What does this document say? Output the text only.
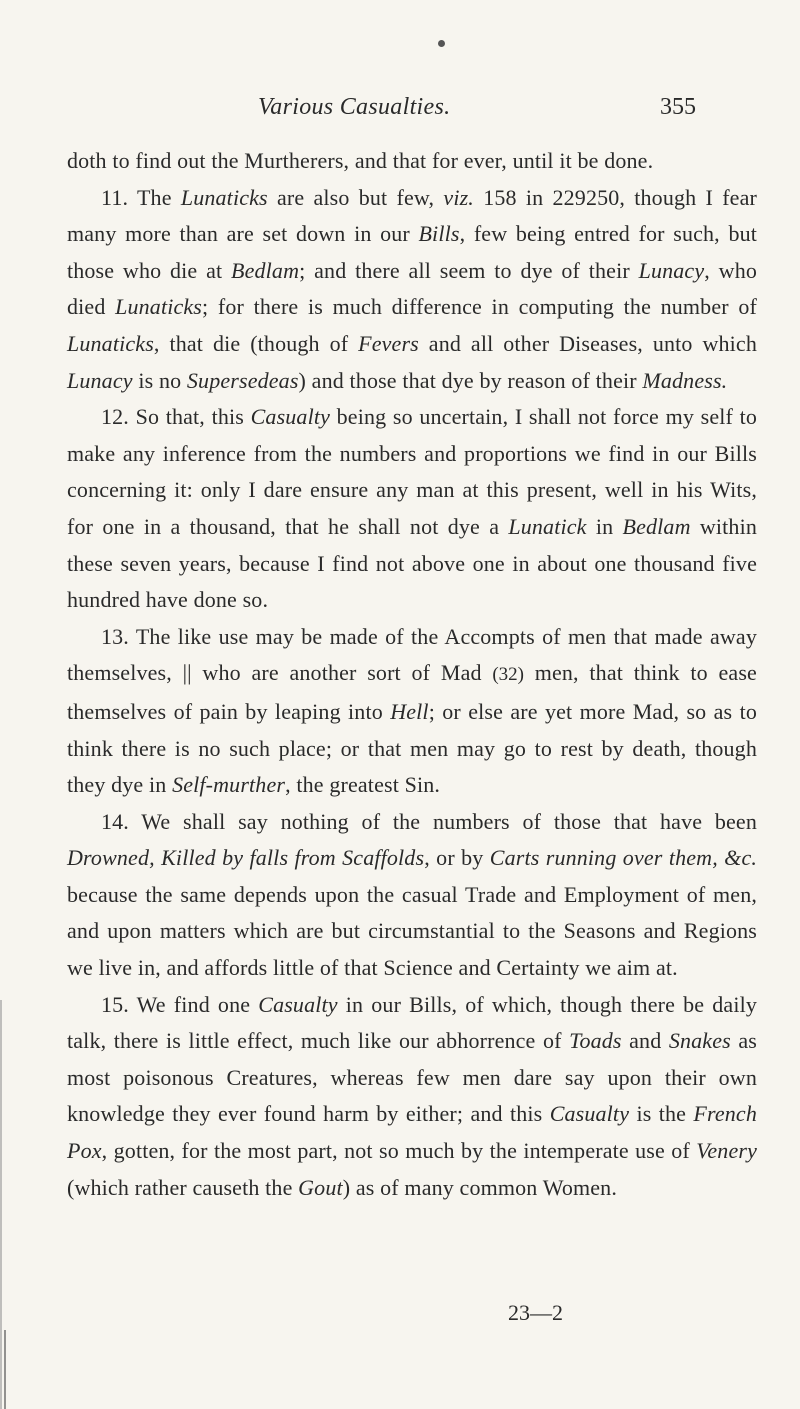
Various Casualties.	355

doth to find out the Murtherers, and that for ever, until it be done.

11. The Lunaticks are also but few, viz. 158 in 229250, though I fear many more than are set down in our Bills, few being entred for such, but those who die at Bedlam; and there all seem to dye of their Lunacy, who died Lunaticks; for there is much difference in computing the number of Lunaticks, that die (though of Fevers and all other Diseases, unto which Lunacy is no Supersedeas) and those that dye by reason of their Madness.

12. So that, this Casualty being so uncertain, I shall not force my self to make any inference from the numbers and proportions we find in our Bills concerning it: only I dare ensure any man at this present, well in his Wits, for one in a thousand, that he shall not dye a Lunatick in Bedlam within these seven years, because I find not above one in about one thousand five hundred have done so.

13. The like use may be made of the Accompts of men that made away themselves, || who are another sort of Mad (32) men, that think to ease themselves of pain by leaping into Hell; or else are yet more Mad, so as to think there is no such place; or that men may go to rest by death, though they dye in Self-murther, the greatest Sin.

14. We shall say nothing of the numbers of those that have been Drowned, Killed by falls from Scaffolds, or by Carts running over them, &c. because the same depends upon the casual Trade and Employment of men, and upon matters which are but circumstantial to the Seasons and Regions we live in, and affords little of that Science and Certainty we aim at.

15. We find one Casualty in our Bills, of which, though there be daily talk, there is little effect, much like our abhorrence of Toads and Snakes as most poisonous Creatures, whereas few men dare say upon their own knowledge they ever found harm by either; and this Casualty is the French Pox, gotten, for the most part, not so much by the intemperate use of Venery (which rather causeth the Gout) as of many common Women.

23—2
